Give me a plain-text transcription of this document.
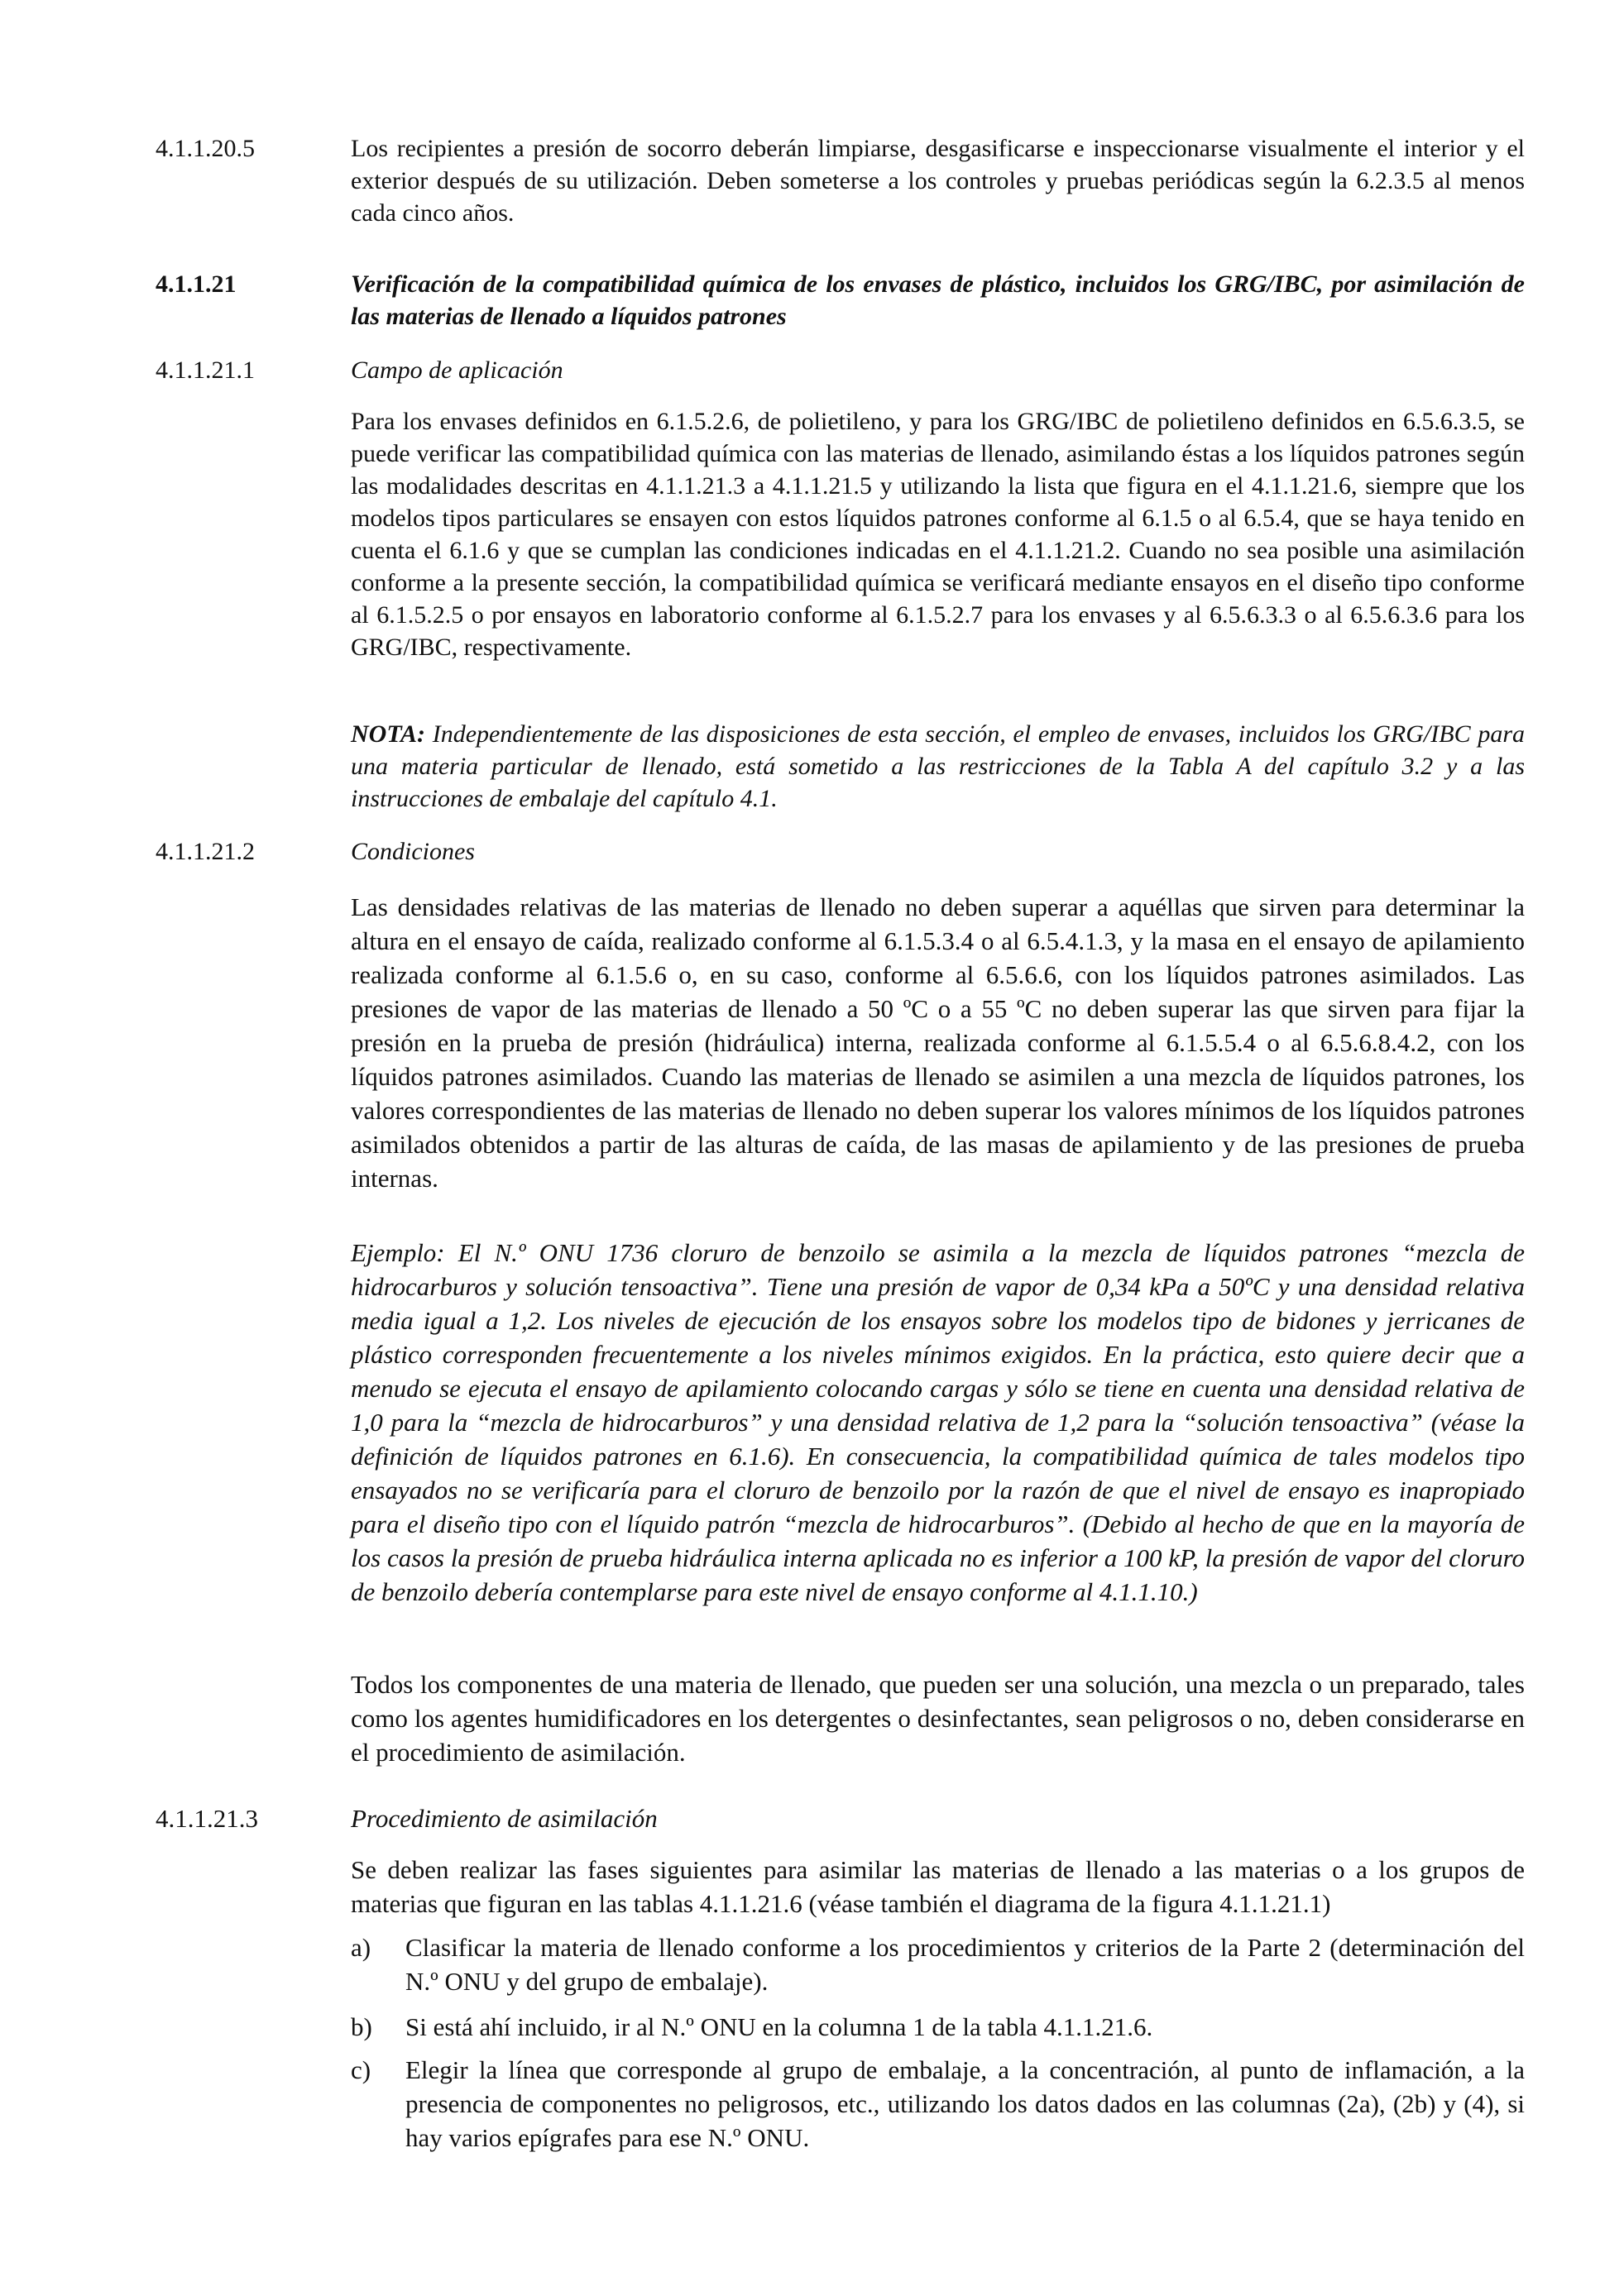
4.1.1.20.5	Los recipientes a presión de socorro deberán limpiarse, desgasificarse e inspeccionarse visualmente el interior y el exterior después de su utilización. Deben someterse a los controles y pruebas periódicas según la 6.2.3.5 al menos cada cinco años.

4.1.1.21	Verificación de la compatibilidad química de los envases de plástico, incluidos los GRG/IBC, por asimilación de las materias de llenado a líquidos patrones

4.1.1.21.1	Campo de aplicación

Para los envases definidos en 6.1.5.2.6, de polietileno, y para los GRG/IBC de polietileno definidos en 6.5.6.3.5, se puede verificar las compatibilidad química con las materias de llenado, asimilando éstas a los líquidos patrones según las modalidades descritas en 4.1.1.21.3 a 4.1.1.21.5 y utilizando la lista que figura en el 4.1.1.21.6, siempre que los modelos tipos particulares se ensayen con estos líquidos patrones conforme al 6.1.5 o al 6.5.4, que se haya tenido en cuenta el 6.1.6 y que se cumplan las condiciones indicadas en el 4.1.1.21.2. Cuando no sea posible una asimilación conforme a la presente sección, la compatibilidad química se verificará mediante ensayos en el diseño tipo conforme al 6.1.5.2.5 o por ensayos en laboratorio conforme al 6.1.5.2.7 para los envases y al 6.5.6.3.3 o al 6.5.6.3.6 para los GRG/IBC, respectivamente.

NOTA: Independientemente de las disposiciones de esta sección, el empleo de envases, incluidos los GRG/IBC para una materia particular de llenado, está sometido a las restricciones de la Tabla A del capítulo 3.2 y a las instrucciones de embalaje del capítulo 4.1.

4.1.1.21.2	Condiciones

Las densidades relativas de las materias de llenado no deben superar a aquéllas que sirven para determinar la altura en el ensayo de caída, realizado conforme al 6.1.5.3.4 o al 6.5.4.1.3, y la masa en el ensayo de apilamiento realizada conforme al 6.1.5.6 o, en su caso, conforme al 6.5.6.6, con los líquidos patrones asimilados. Las presiones de vapor de las materias de llenado a 50 ºC o a 55 ºC no deben superar las que sirven para fijar la presión en la prueba de presión (hidráulica) interna, realizada conforme al 6.1.5.5.4 o al 6.5.6.8.4.2, con los líquidos patrones asimilados. Cuando las materias de llenado se asimilen a una mezcla de líquidos patrones, los valores correspondientes de las materias de llenado no deben superar los valores mínimos de los líquidos patrones asimilados obtenidos a partir de las alturas de caída, de las masas de apilamiento y de las presiones de prueba internas.

Ejemplo: El N.º ONU 1736 cloruro de benzoilo se asimila a la mezcla de líquidos patrones “mezcla de hidrocarburos y solución tensoactiva”. Tiene una presión de vapor de 0,34 kPa a 50ºC y una densidad relativa media igual a 1,2. Los niveles de ejecución de los ensayos sobre los modelos tipo de bidones y jerricanes de plástico corresponden frecuentemente a los niveles mínimos exigidos. En la práctica, esto quiere decir que a menudo se ejecuta el ensayo de apilamiento colocando cargas y sólo se tiene en cuenta una densidad relativa de 1,0 para la “mezcla de hidrocarburos” y una densidad relativa de 1,2 para la “solución tensoactiva” (véase la definición de líquidos patrones en 6.1.6). En consecuencia, la compatibilidad química de tales modelos tipo ensayados no se verificaría para el cloruro de benzoilo por la razón de que el nivel de ensayo es inapropiado para el diseño tipo con el líquido patrón “mezcla de hidrocarburos”. (Debido al hecho de que en la mayoría de los casos la presión de prueba hidráulica interna aplicada no es inferior a 100 kP, la presión de vapor del cloruro de benzoilo debería contemplarse para este nivel de ensayo conforme al 4.1.1.10.)

Todos los componentes de una materia de llenado, que pueden ser una solución, una mezcla o un preparado, tales como los agentes humidificadores en los detergentes o desinfectantes, sean peligrosos o no, deben considerarse en el procedimiento de asimilación.

4.1.1.21.3	Procedimiento de asimilación

Se deben realizar las fases siguientes para asimilar las materias de llenado a las materias o a los grupos de materias que figuran en las tablas 4.1.1.21.6 (véase también el diagrama de la figura 4.1.1.21.1)

a)	Clasificar la materia de llenado conforme a los procedimientos y criterios de la Parte 2 (determinación del N.º ONU y del grupo de embalaje).
b)	Si está ahí incluido, ir al N.º ONU en la columna 1 de la tabla 4.1.1.21.6.
c)	Elegir la línea que corresponde al grupo de embalaje, a la concentración, al punto de inflamación, a la presencia de componentes no peligrosos, etc., utilizando los datos dados en las columnas (2a), (2b) y (4), si hay varios epígrafes para ese N.º ONU.
